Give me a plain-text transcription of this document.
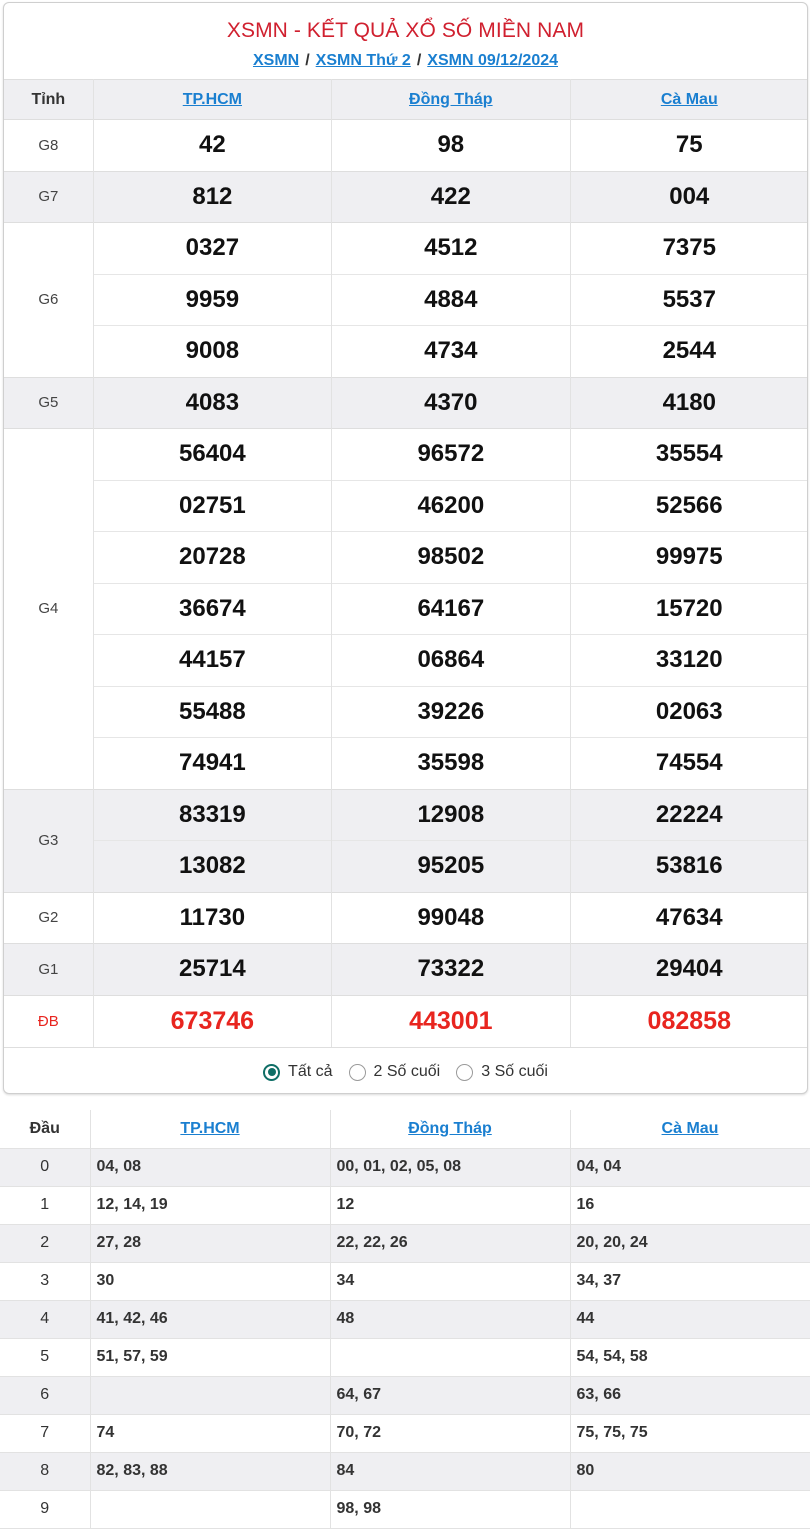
XSMN - KẾT QUẢ XỔ SỐ MIỀN NAM
XSMN / XSMN Thứ 2 / XSMN 09/12/2024
Tỉnh	TP.HCM	Đồng Tháp	Cà Mau
G8	42	98	75
G7	812	422	004
G6	0327	4512	7375
	9959	4884	5537
	9008	4734	2544
G5	4083	4370	4180
G4	56404	96572	35554
	02751	46200	52566
	20728	98502	99975
	36674	64167	15720
	44157	06864	33120
	55488	39226	02063
	74941	35598	74554
G3	83319	12908	22224
	13082	95205	53816
G2	11730	99048	47634
G1	25714	73322	29404
ĐB	673746	443001	082858
Tất cả	2 Số cuối	3 Số cuối
Đầu	TP.HCM	Đồng Tháp	Cà Mau
0	04, 08	00, 01, 02, 05, 08	04, 04
1	12, 14, 19	12	16
2	27, 28	22, 22, 26	20, 20, 24
3	30	34	34, 37
4	41, 42, 46	48	44
5	51, 57, 59		54, 54, 58
6		64, 67	63, 66
7	74	70, 72	75, 75, 75
8	82, 83, 88	84	80
9		98, 98	
